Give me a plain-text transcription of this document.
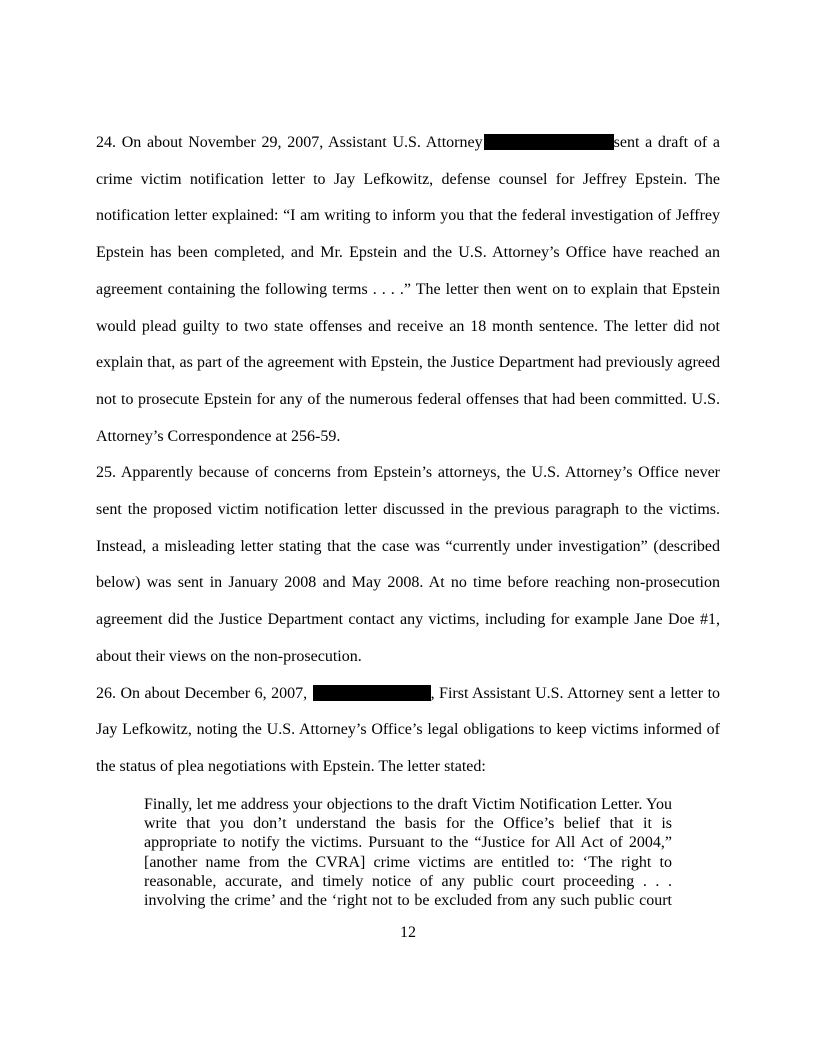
24. On about November 29, 2007, Assistant U.S. Attorney	sent a draft of a crime victim notification letter to Jay Lefkowitz, defense counsel for Jeffrey Epstein. The notification letter explained: “I am writing to inform you that the federal investigation of Jeffrey Epstein has been completed, and Mr. Epstein and the U.S. Attorney’s Office have reached an agreement containing the following terms . . . .” The letter then went on to explain that Epstein would plead guilty to two state offenses and receive an 18 month sentence. The letter did not explain that, as part of the agreement with Epstein, the Justice Department had previously agreed not to prosecute Epstein for any of the numerous federal offenses that had been committed. U.S. Attorney’s Correspondence at 256-59.

25. Apparently because of concerns from Epstein’s attorneys, the U.S. Attorney’s Office never sent the proposed victim notification letter discussed in the previous paragraph to the victims. Instead, a misleading letter stating that the case was “currently under investigation” (described below) was sent in January 2008 and May 2008. At no time before reaching non-prosecution agreement did the Justice Department contact any victims, including for example Jane Doe #1, about their views on the non-prosecution.

26. On about December 6, 2007,	, First Assistant U.S. Attorney sent a letter to Jay Lefkowitz, noting the U.S. Attorney’s Office’s legal obligations to keep victims informed of the status of plea negotiations with Epstein. The letter stated:

Finally, let me address your objections to the draft Victim Notification Letter. You write that you don’t understand the basis for the Office’s belief that it is appropriate to notify the victims. Pursuant to the “Justice for All Act of 2004,” [another name from the CVRA] crime victims are entitled to: ‘The right to reasonable, accurate, and timely notice of any public court proceeding . . . involving the crime’ and the ‘right not to be excluded from any such public court

12
